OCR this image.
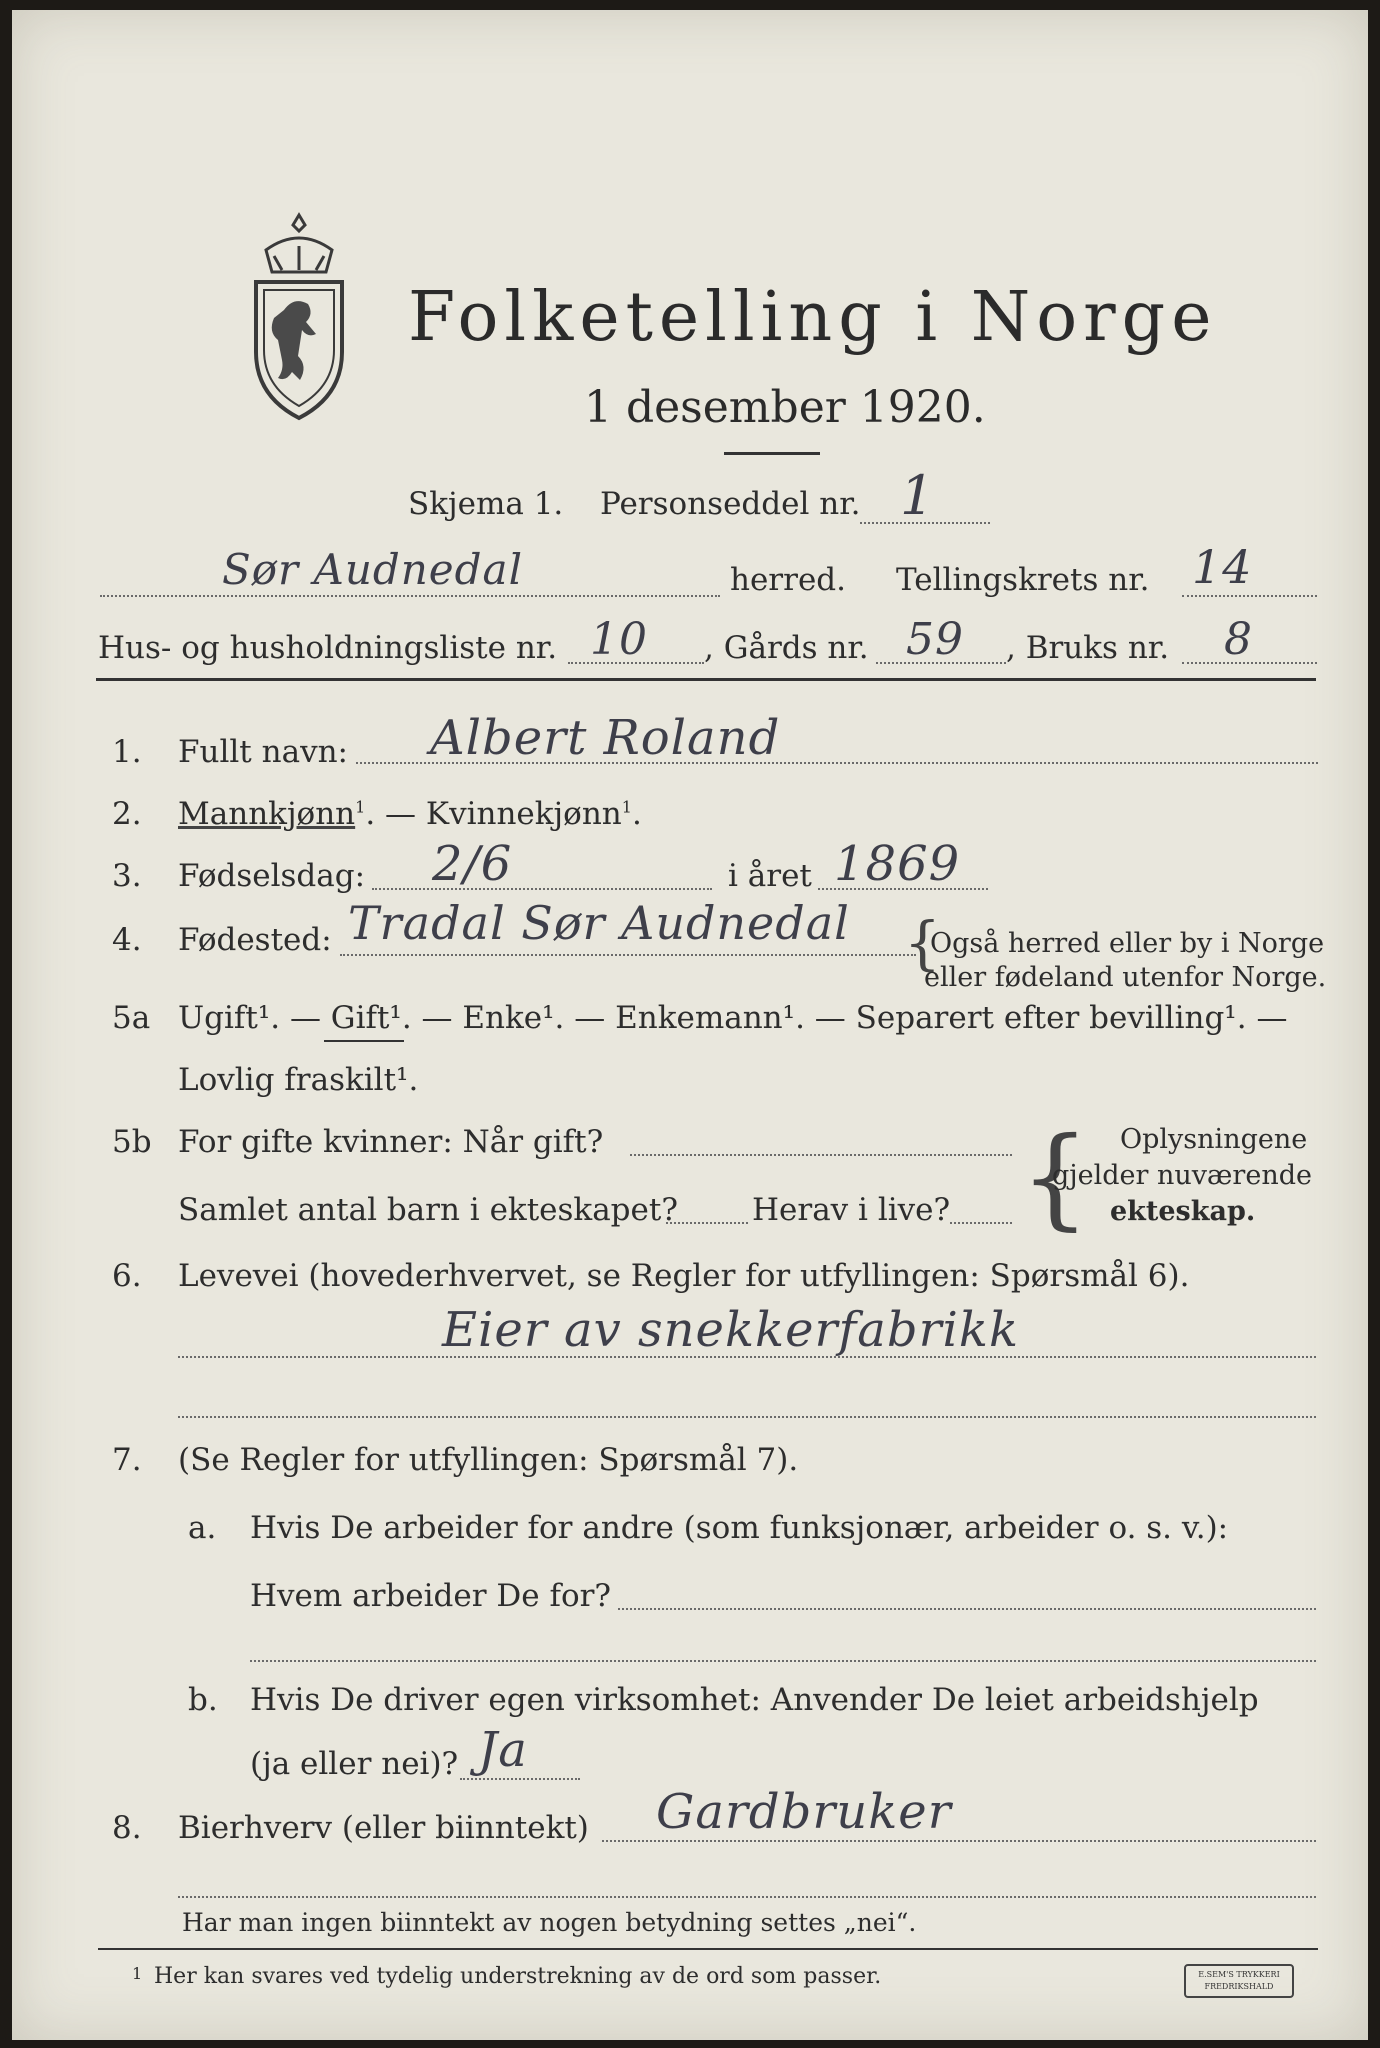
Folketelling i Norge
1 desember 1920.
Skjema 1. Personseddel nr. 1
Sør Audnedal	herred. Tellingskrets nr. 14
Hus- og husholdningsliste nr. 10 , Gårds nr. 59 , Bruks nr. 8
1. Fullt navn: Albert Roland
2. Mannkjønn$^1$. — Kvinnekjønn$^1$.
3. Fødselsdag: 2/6	i året 1869
4. Fødested: Tradal Sør Audnedal {
Også herred eller by i Norge
eller fødeland utenfor Norge.
5a Ugift¹. — Gift¹. — Enke¹. — Enkemann¹. — Separert efter bevilling¹. —
Lovlig fraskilt¹.
5b For gifte kvinner: Når gift?
Samlet antal barn i ekteskapet? Herav i live? { Oplysningene
gjelder nuværende
ekteskap.
6. Levevei (hovederhvervet, se Regler for utfyllingen: Spørsmål 6).
Eier av snekkerfabrikk
7. (Se Regler for utfyllingen: Spørsmål 7).
a. Hvis De arbeider for andre (som funksjonær, arbeider o. s. v.):
Hvem arbeider De for?
b. Hvis De driver egen virksomhet: Anvender De leiet arbeidshjelp
(ja eller nei)? Ja
8. Bierhverv (eller biinntekt) Gardbruker
Har man ingen biinntekt av nogen betydning settes „nei“.
1 Her kan svares ved tydelig understrekning av de ord som passer.	E.SEM'S TRYKKERI
FREDRIKSHALD
